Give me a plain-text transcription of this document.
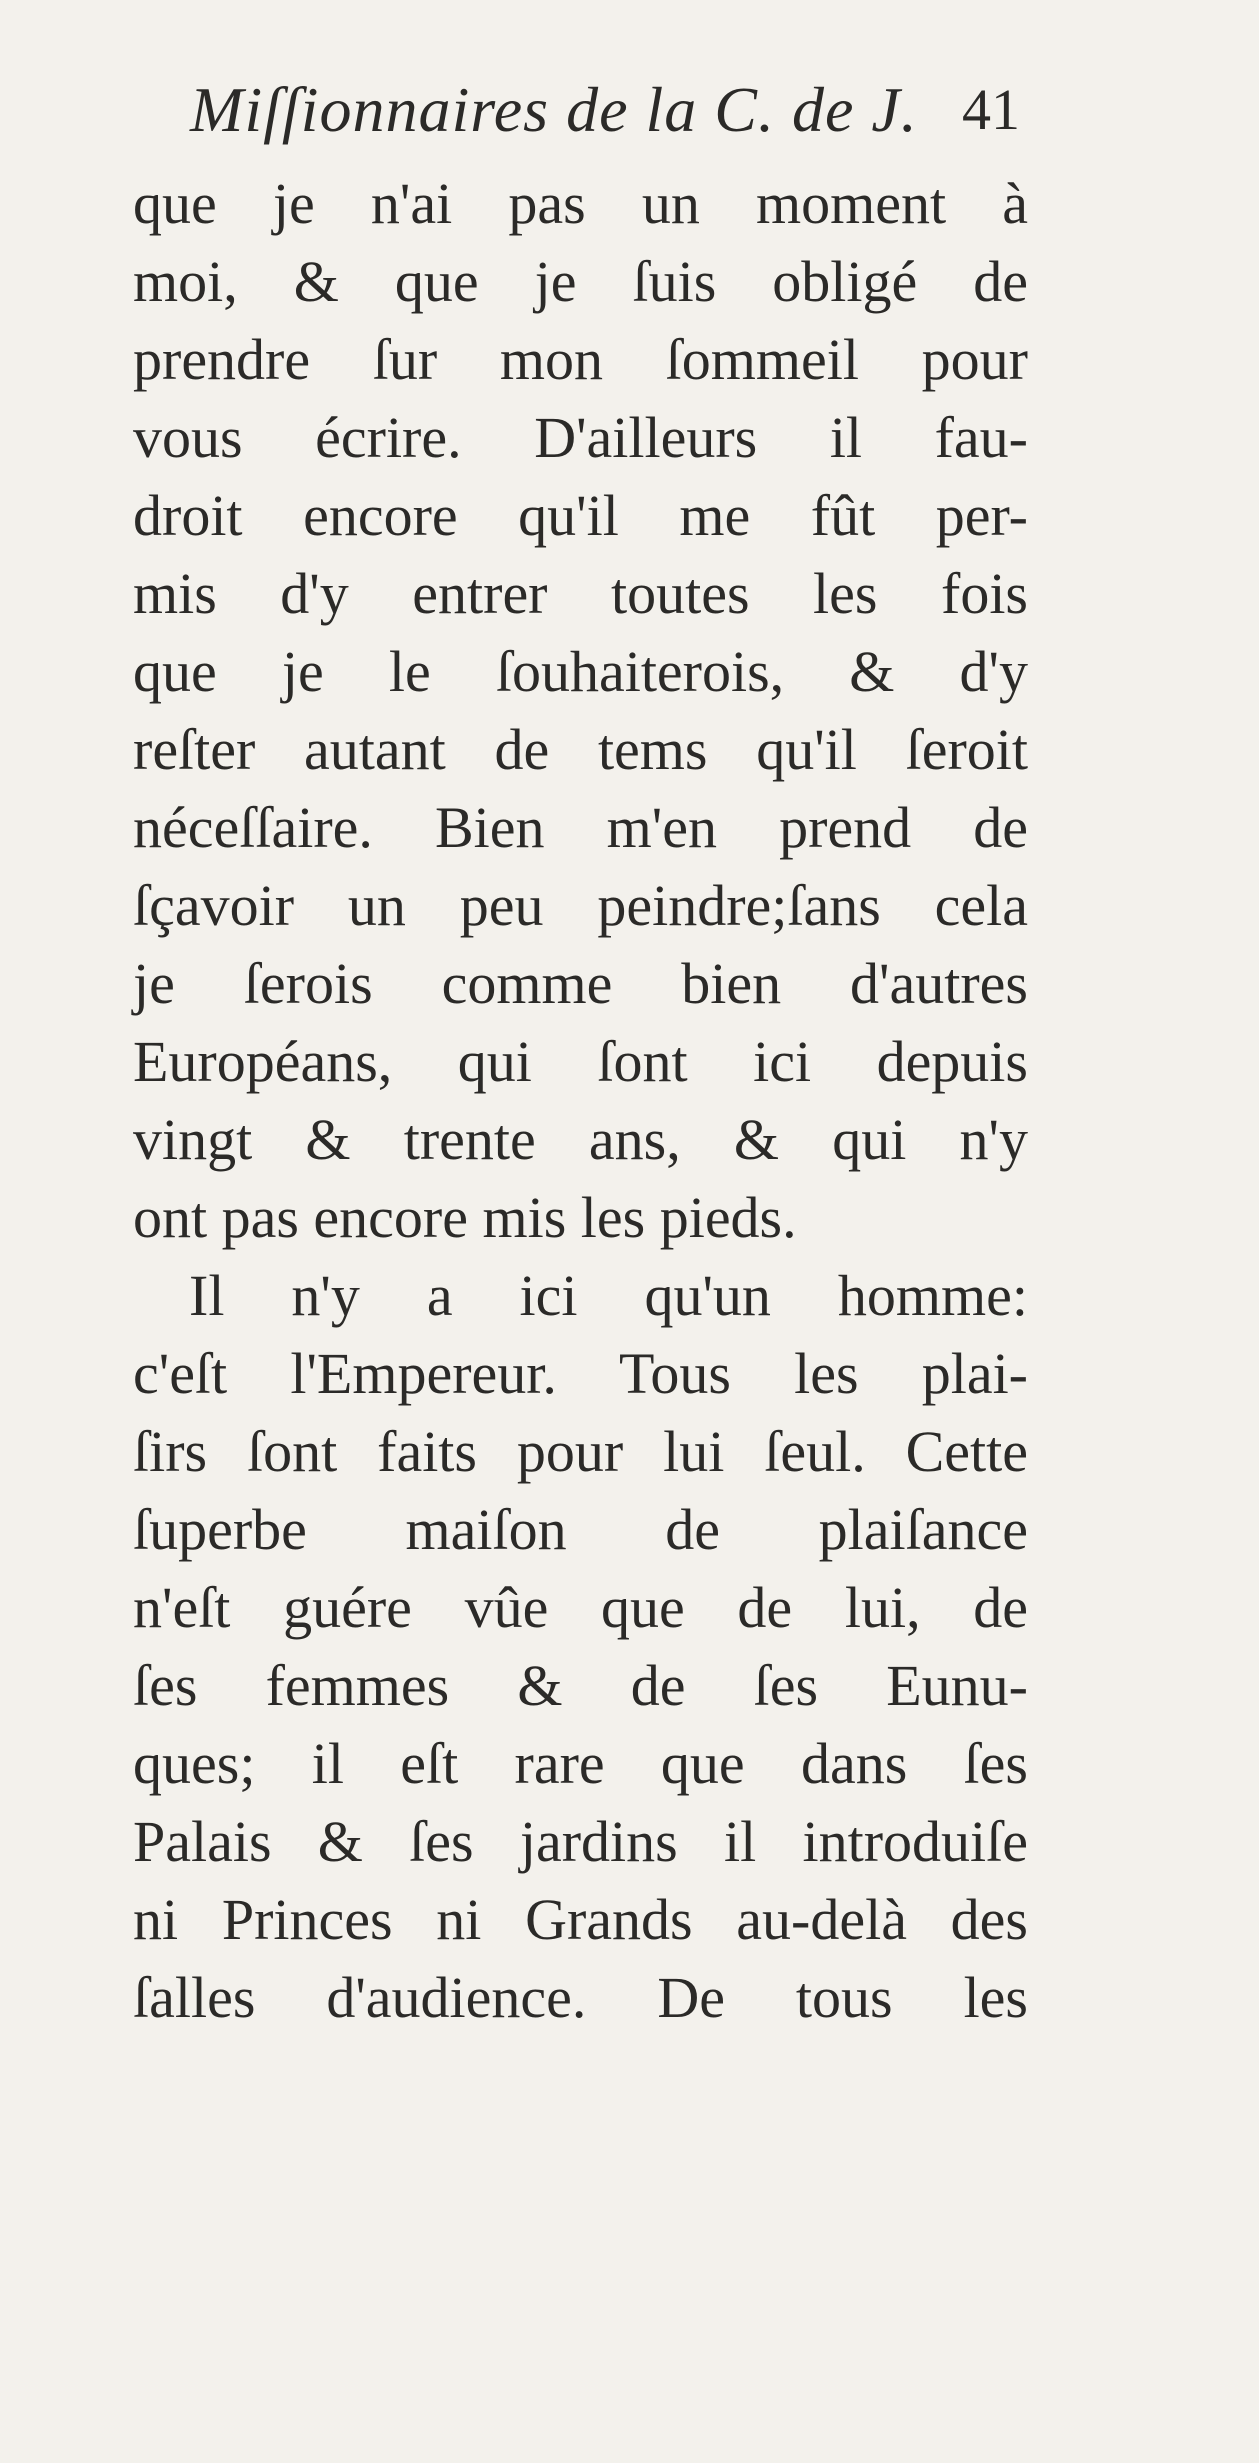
Miſſionnaires de la C. de J. 41
que je n'ai pas un moment à
moi, & que je ſuis obligé de
prendre ſur mon ſommeil pour
vous écrire. D'ailleurs il fau-
droit encore qu'il me fût per-
mis d'y entrer toutes les fois
que je le ſouhaiterois, & d'y
reſter autant de tems qu'il ſeroit
néceſſaire. Bien m'en prend de
ſçavoir un peu peindre;ſans cela
je ſerois comme bien d'autres
Européans, qui ſont ici depuis
vingt & trente ans, & qui n'y
ont pas encore mis les pieds.
Il n'y a ici qu'un homme:
c'eſt l'Empereur. Tous les plai-
ſirs ſont faits pour lui ſeul. Cette
ſuperbe maiſon de plaiſance
n'eſt guére vûe que de lui, de
ſes femmes & de ſes Eunu-
ques; il eſt rare que dans ſes
Palais & ſes jardins il introduiſe
ni Princes ni Grands au-delà des
ſalles d'audience. De tous les
